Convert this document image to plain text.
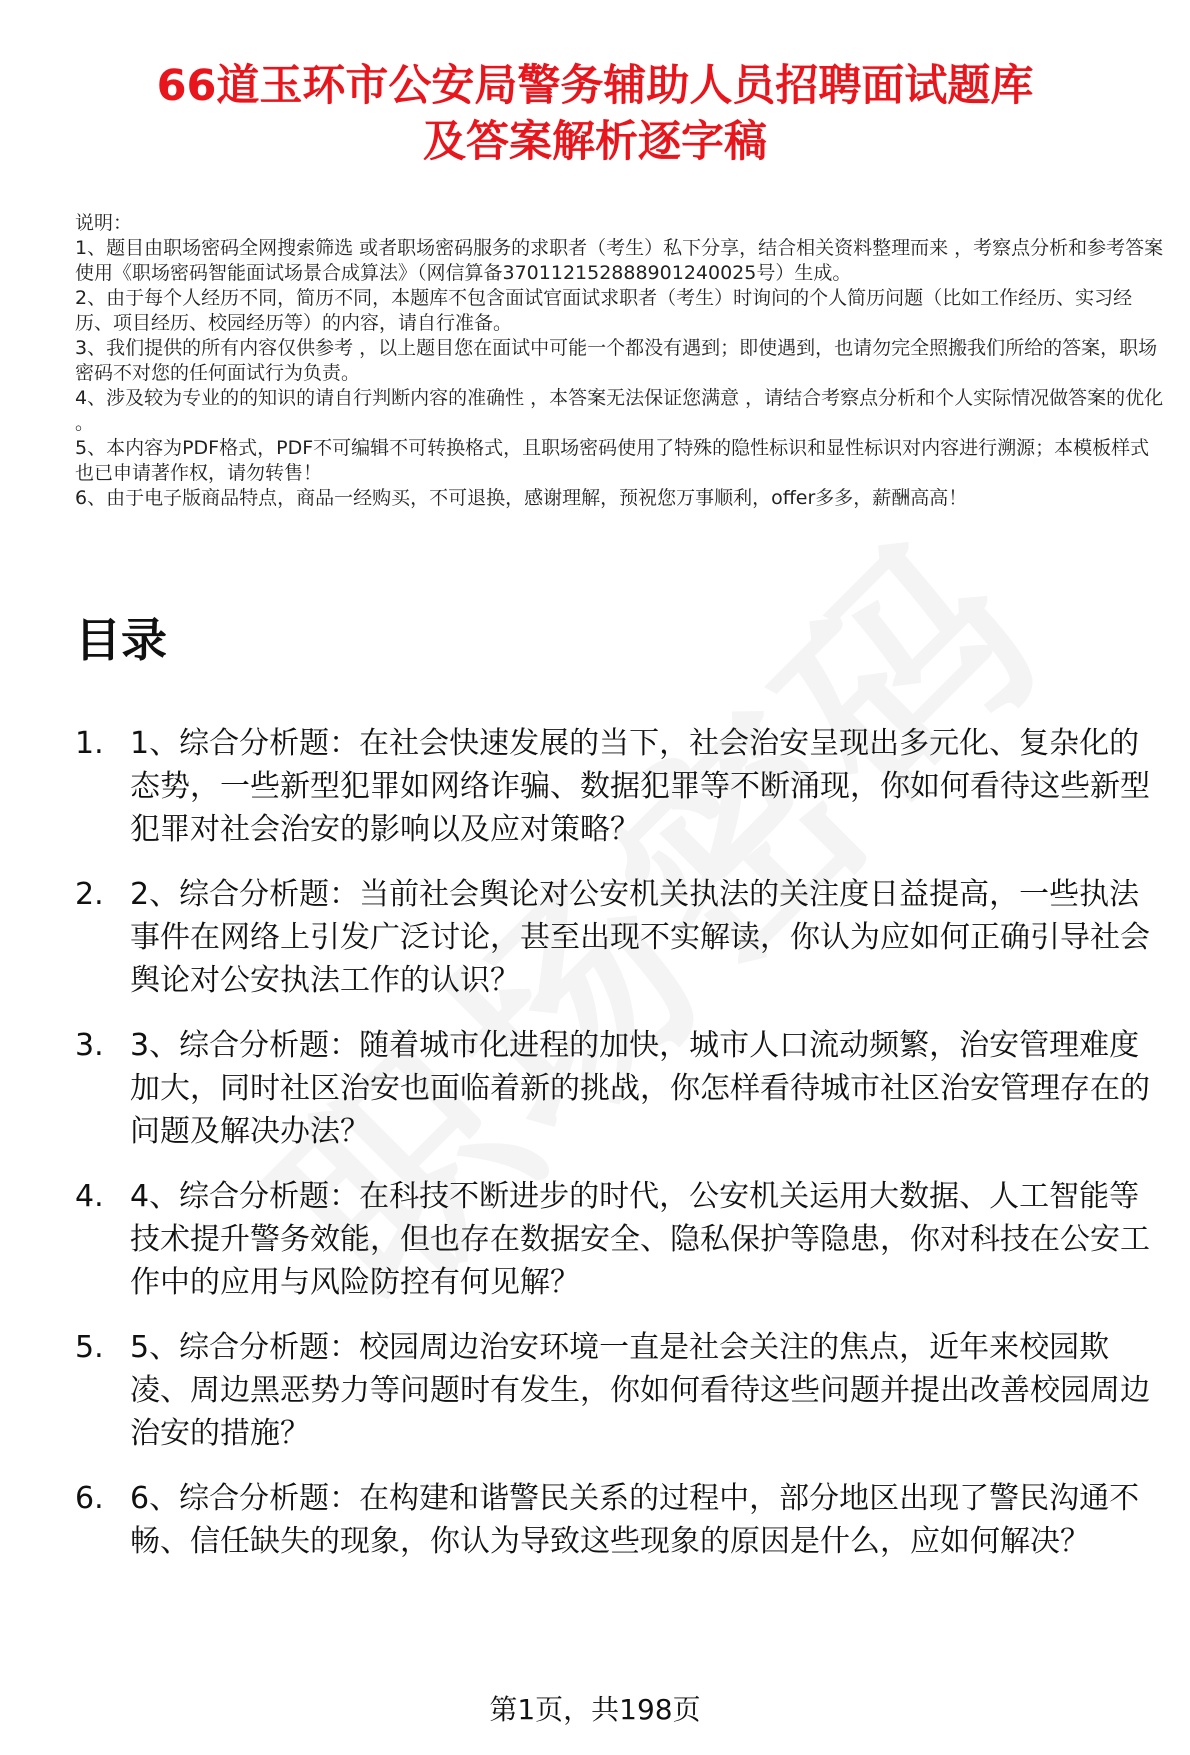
66道玉环市公安局警务辅助人员招聘面试题库
及答案解析逐字稿
说明：
1、题目由职场密码全网搜索筛选 或者职场密码服务的求职者（考生）私下分享，结合相关资料整理而来 ，考察点分析和参考答案使用《职场密码智能面试场景合成算法》（网信算备370112152888901240025号）生成。
2、由于每个人经历不同，简历不同，本题库不包含面试官面试求职者（考生）时询问的个人简历问题（比如工作经历、实习经历、项目经历、校园经历等）的内容，请自行准备。
3、我们提供的所有内容仅供参考 ，以上题目您在面试中可能一个都没有遇到；即使遇到，也请勿完全照搬我们所给的答案，职场密码不对您的任何面试行为负责。
4、涉及较为专业的的知识的请自行判断内容的准确性 ，本答案无法保证您满意 ，请结合考察点分析和个人实际情况做答案的优化 。
5、本内容为PDF格式，PDF不可编辑不可转换格式，且职场密码使用了特殊的隐性标识和显性标识对内容进行溯源；本模板样式也已申请著作权，请勿转售！
6、由于电子版商品特点，商品一经购买，不可退换，感谢理解，预祝您万事顺利，offer多多，薪酬高高！
目录
1. 1、综合分析题：在社会快速发展的当下，社会治安呈现出多元化、复杂化的态势，一些新型犯罪如网络诈骗、数据犯罪等不断涌现，你如何看待这些新型犯罪对社会治安的影响以及应对策略？
2. 2、综合分析题：当前社会舆论对公安机关执法的关注度日益提高，一些执法事件在网络上引发广泛讨论，甚至出现不实解读，你认为应如何正确引导社会舆论对公安执法工作的认识？
3. 3、综合分析题：随着城市化进程的加快，城市人口流动频繁，治安管理难度加大，同时社区治安也面临着新的挑战，你怎样看待城市社区治安管理存在的问题及解决办法？
4. 4、综合分析题：在科技不断进步的时代，公安机关运用大数据、人工智能等技术提升警务效能，但也存在数据安全、隐私保护等隐患，你对科技在公安工作中的应用与风险防控有何见解？
5. 5、综合分析题：校园周边治安环境一直是社会关注的焦点，近年来校园欺凌、周边黑恶势力等问题时有发生，你如何看待这些问题并提出改善校园周边治安的措施？
6. 6、综合分析题：在构建和谐警民关系的过程中，部分地区出现了警民沟通不畅、信任缺失的现象，你认为导致这些现象的原因是什么，应如何解决？
第1页，共198页
